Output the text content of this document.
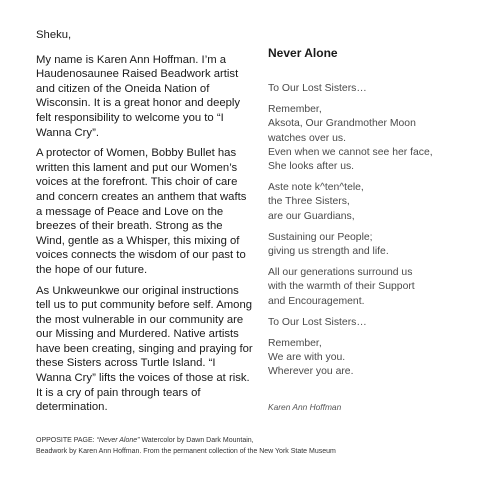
Sheku,

My name is Karen Ann Hoffman. I’m a Haudenosaunee Raised Beadwork artist and citizen of the Oneida Nation of Wisconsin. It is a great honor and deeply felt responsibility to welcome you to “I Wanna Cry”.

A protector of Women, Bobby Bullet has written this lament and put our Women’s voices at the forefront. This choir of care and concern creates an anthem that wafts a message of Peace and Love on the breezes of their breath. Strong as the Wind, gentle as a Whisper, this mixing of voices connects the wisdom of our past to the hope of our future.

As Unkweunkwe our original instructions tell us to put community before self. Among the most vulnerable in our community are our Missing and Murdered. Native artists have been creating, singing and praying for these Sisters across Turtle Island. “I Wanna Cry” lifts the voices of those at risk. It is a cry of pain through tears of determination.

Never Alone
To Our Lost Sisters…
Remember,
Aksota, Our Grandmother Moon
watches over us.
Even when we cannot see her face,
She looks after us.
Aste note k^ten^tele,
the Three Sisters,
are our Guardians,
Sustaining our People;
giving us strength and life.
All our generations surround us
with the warmth of their Support
and Encouragement.
To Our Lost Sisters…
Remember,
We are with you.
Wherever you are.
Karen Ann Hoffman
OPPOSITE PAGE: “Never Alone” Watercolor by Dawn Dark Mountain,
Beadwork by Karen Ann Hoffman. From the permanent collection of the New York State Museum
